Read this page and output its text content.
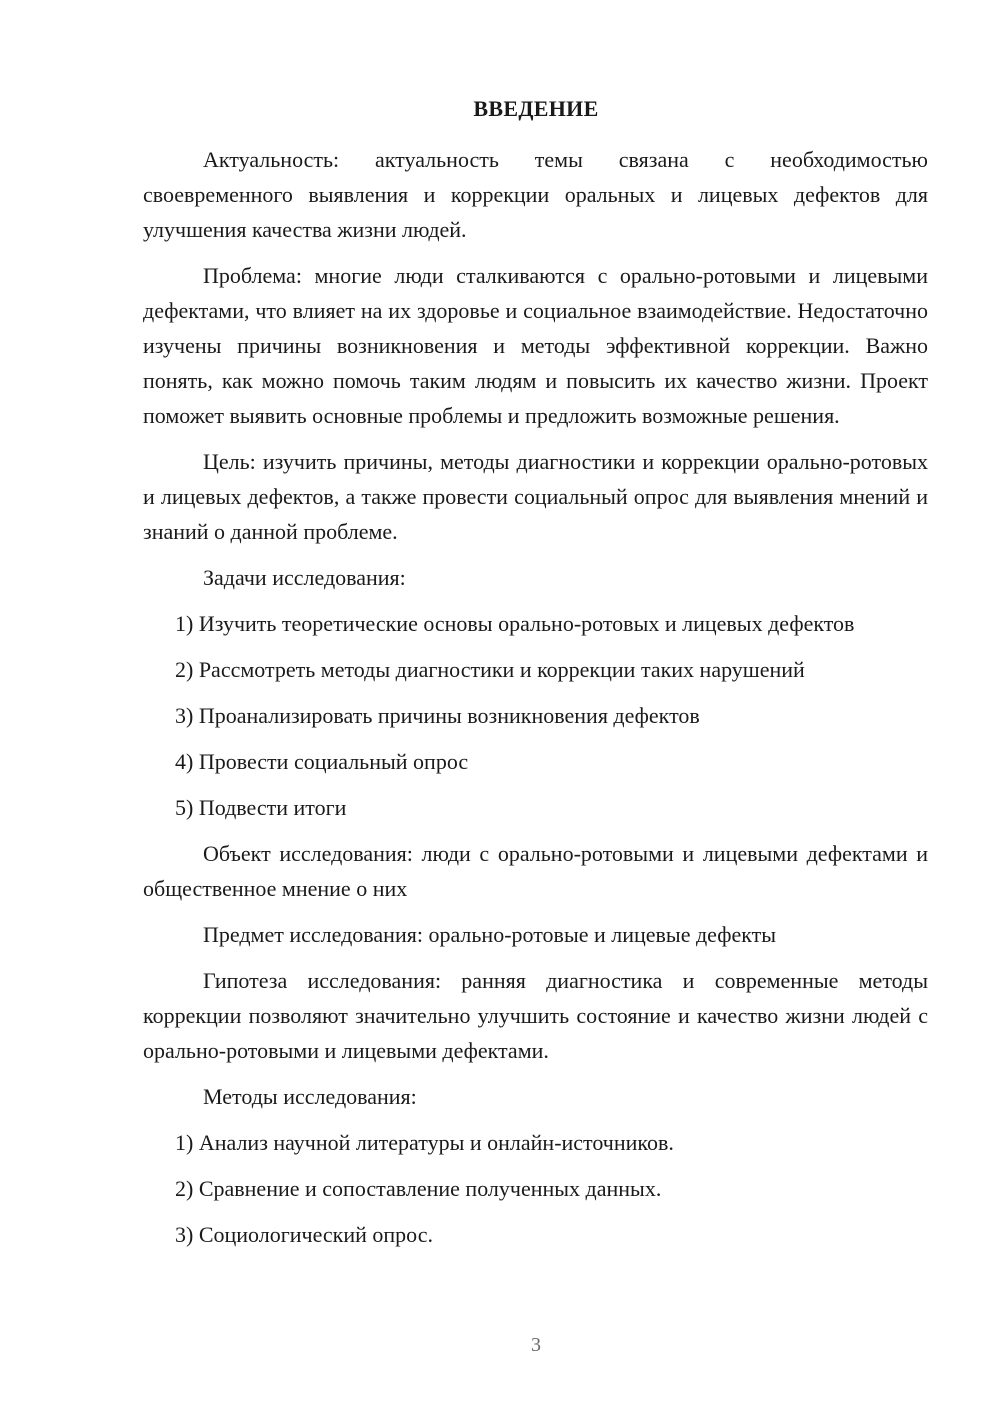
ВВЕДЕНИЕ

Актуальность: актуальность темы связана с необходимостью своевременного выявления и коррекции оральных и лицевых дефектов для улучшения качества жизни людей.

Проблема: многие люди сталкиваются с орально-ротовыми и лицевыми дефектами, что влияет на их здоровье и социальное взаимодействие. Недостаточно изучены причины возникновения и методы эффективной коррекции. Важно понять, как можно помочь таким людям и повысить их качество жизни. Проект поможет выявить основные проблемы и предложить возможные решения.

Цель: изучить причины, методы диагностики и коррекции орально-ротовых и лицевых дефектов, а также провести социальный опрос для выявления мнений и знаний о данной проблеме.

Задачи исследования:

1) Изучить теоретические основы орально-ротовых и лицевых дефектов

2) Рассмотреть методы диагностики и коррекции таких нарушений

3) Проанализировать причины возникновения дефектов

4) Провести социальный опрос

5) Подвести итоги

Объект исследования: люди с орально-ротовыми и лицевыми дефектами и общественное мнение о них

Предмет исследования: орально-ротовые и лицевые дефекты

Гипотеза исследования: ранняя диагностика и современные методы коррекции позволяют значительно улучшить состояние и качество жизни людей с орально-ротовыми и лицевыми дефектами.

Методы исследования:

1) Анализ научной литературы и онлайн-источников.

2) Сравнение и сопоставление полученных данных.

3) Социологический опрос.

3
